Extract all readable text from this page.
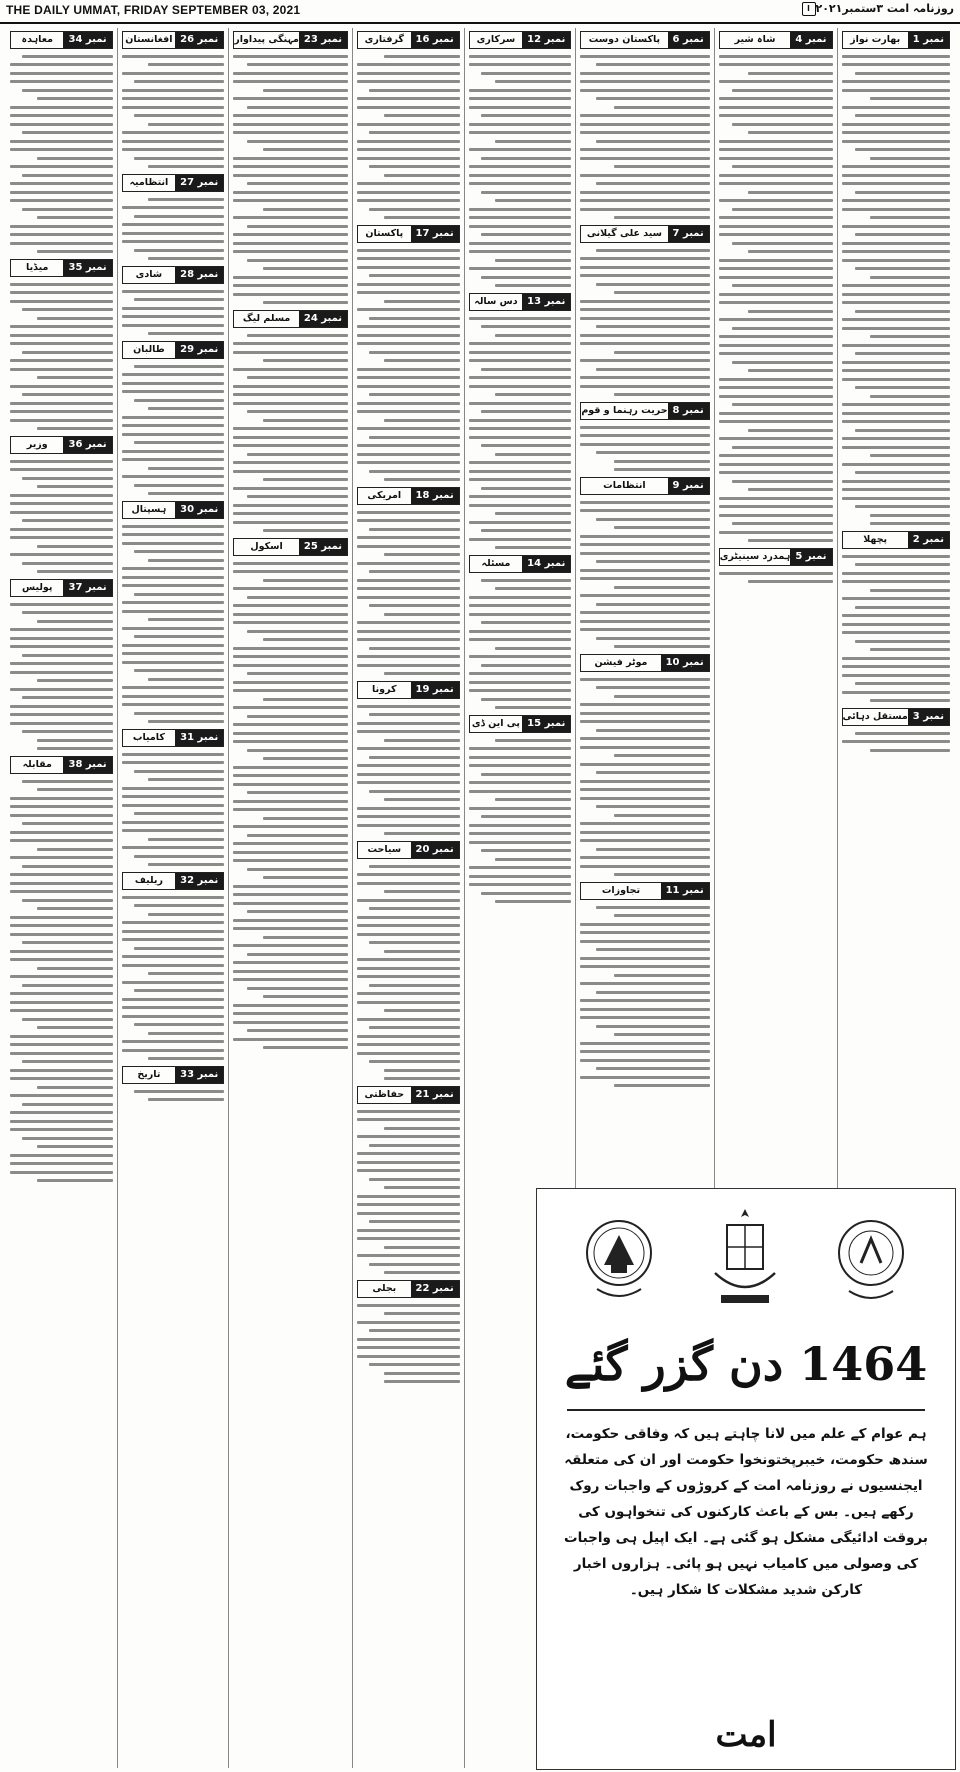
THE DAILY UMMAT, FRIDAY SEPTEMBER 03, 2021	روزنامہ امت ۳ستمبر۲۰۲۱ا
نمبر 1
بھارت نواز
نمبر 2
پچھلا
نمبر 3
مستقل دہائی
نمبر 4
شاہ شیر
نمبر 5
ہمدرد سینیٹری
نمبر 6
پاکستان دوست
نمبر 7
سید علی گیلانی
نمبر 8
حریت رہنما و قوم
نمبر 9
انتظامات
نمبر 10
موٹر فیشن
نمبر 11
تجاوزات
نمبر 12
سرکاری
نمبر 13
دس سالہ
نمبر 14
مسئلہ
نمبر 15
پی این ڈی
نمبر 16
گرفتاری
نمبر 17
پاکستان
نمبر 18
امریکی
نمبر 19
کرونا
نمبر 20
سیاحت
نمبر 21
حفاظتی
نمبر 22
بجلی
نمبر 23
مہنگی پیداوار
نمبر 24
مسلم لیگ
نمبر 25
اسکول
نمبر 26
افغانستان
نمبر 27
انتظامیہ
نمبر 28
شادی
نمبر 29
طالبان
نمبر 30
ہسپتال
نمبر 31
کامیاب
نمبر 32
ریلیف
نمبر 33
تاریخ
نمبر 34
معاہدہ
نمبر 35
میڈیا
نمبر 36
وزیر
نمبر 37
پولیس
نمبر 38
مقابلہ
1464 دن گزر گئے
ہم عوام کے علم میں لانا چاہتے ہیں کہ وفاقی حکومت، سندھ حکومت، خیبرپختونخوا حکومت اور ان کی متعلقہ ایجنسیوں نے روزنامہ امت کے کروڑوں کے واجبات روک رکھے ہیں۔ بس کے باعث کارکنوں کی تنخواہوں کی بروقت ادائیگی مشکل ہو گئی ہے۔ ایک اپیل ہی واجبات کی وصولی میں کامیاب نہیں ہو پائی۔ ہزاروں اخبار کارکن شدید مشکلات کا شکار ہیں۔
امت
